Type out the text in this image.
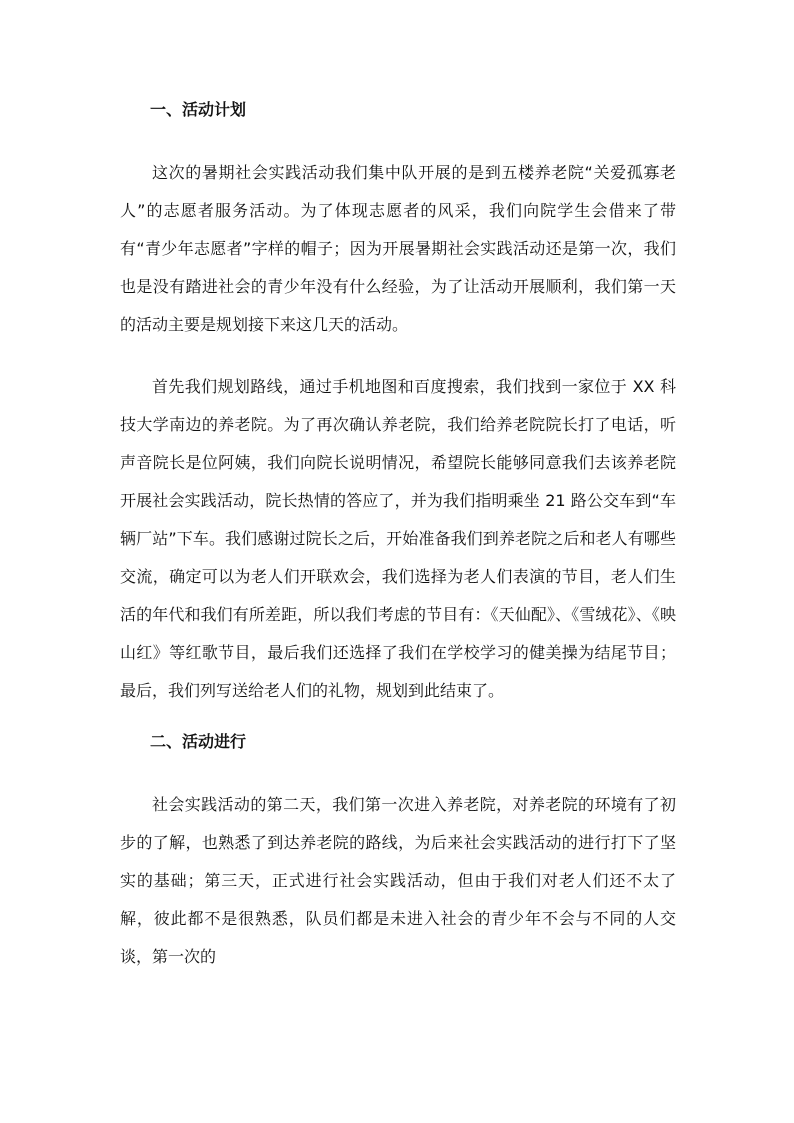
一、活动计划

这次的暑期社会实践活动我们集中队开展的是到五楼养老院“关爱孤寡老人”的志愿者服务活动。为了体现志愿者的风采，我们向院学生会借来了带有“青少年志愿者”字样的帽子；因为开展暑期社会实践活动还是第一次，我们也是没有踏进社会的青少年没有什么经验，为了让活动开展顺利，我们第一天的活动主要是规划接下来这几天的活动。

首先我们规划路线，通过手机地图和百度搜索，我们找到一家位于 XX 科技大学南边的养老院。为了再次确认养老院，我们给养老院院长打了电话，听声音院长是位阿姨，我们向院长说明情况，希望院长能够同意我们去该养老院开展社会实践活动，院长热情的答应了，并为我们指明乘坐 21 路公交车到“车辆厂站”下车。我们感谢过院长之后，开始准备我们到养老院之后和老人有哪些交流，确定可以为老人们开联欢会，我们选择为老人们表演的节目，老人们生活的年代和我们有所差距，所以我们考虑的节目有：《天仙配》、《雪绒花》、《映山红》等红歌节目，最后我们还选择了我们在学校学习的健美操为结尾节目；最后，我们列写送给老人们的礼物，规划到此结束了。

二、活动进行

社会实践活动的第二天，我们第一次进入养老院，对养老院的环境有了初步的了解，也熟悉了到达养老院的路线，为后来社会实践活动的进行打下了坚实的基础；第三天，正式进行社会实践活动，但由于我们对老人们还不太了解，彼此都不是很熟悉，队员们都是未进入社会的青少年不会与不同的人交谈，第一次的
